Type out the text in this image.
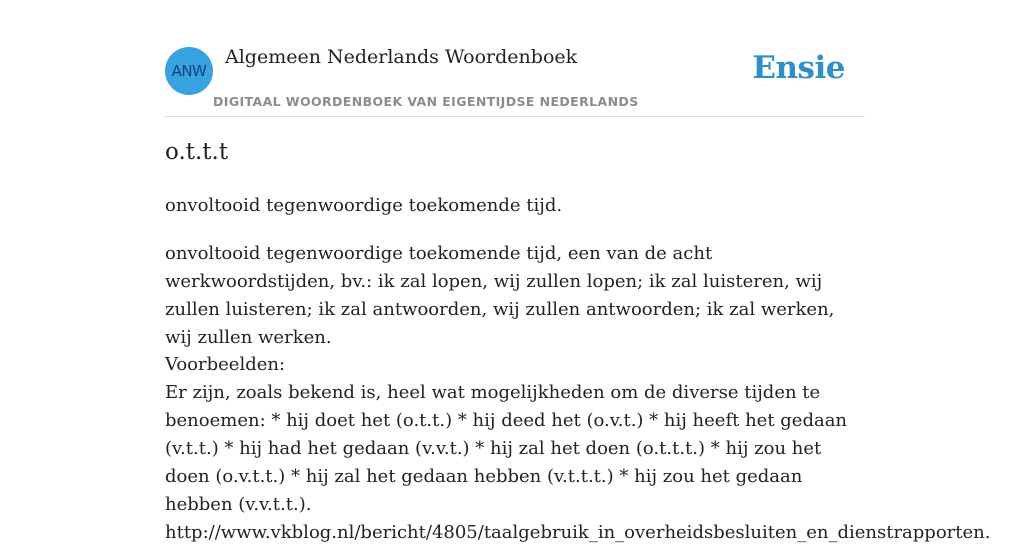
ANW
Algemeen Nederlands Woordenboek
DIGITAAL WOORDENBOEK VAN EIGENTIJDSE NEDERLANDS
Ensie
o.t.t.t
onvoltooid tegenwoordige toekomende tijd.
onvoltooid tegenwoordige toekomende tijd, een van de acht werkwoordstijden, bv.: ik zal lopen, wij zullen lopen; ik zal luisteren, wij zullen luisteren; ik zal antwoorden, wij zullen antwoorden; ik zal werken, wij zullen werken.
Voorbeelden:
Er zijn, zoals bekend is, heel wat mogelijkheden om de diverse tijden te benoemen: * hij doet het (o.t.t.) * hij deed het (o.v.t.) * hij heeft het gedaan (v.t.t.) * hij had het gedaan (v.v.t.) * hij zal het doen (o.t.t.t.) * hij zou het doen (o.v.t.t.) * hij zal het gedaan hebben (v.t.t.t.) * hij zou het gedaan hebben (v.v.t.t.).
http://www.vkblog.nl/bericht/4805/taalgebruik_in_overheidsbesluiten_en_dienstrapporten.
